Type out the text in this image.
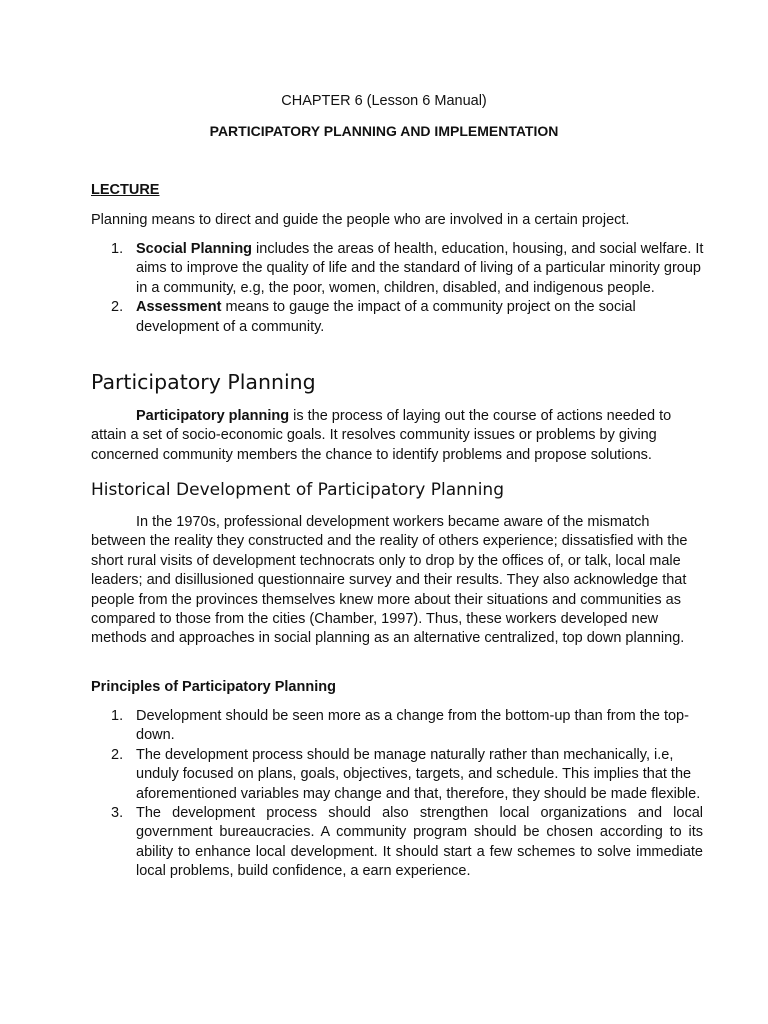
CHAPTER 6 (Lesson 6 Manual)
PARTICIPATORY PLANNING AND IMPLEMENTATION
LECTURE
Planning means to direct and guide the people who are involved in a certain project.
1. Scocial Planning includes the areas of health, education, housing, and social welfare. It aims to improve the quality of life and the standard of living of a particular minority group in a community, e.g, the poor, women, children, disabled, and indigenous people.
2. Assessment means to gauge the impact of a community project on the social development of a community.
Participatory Planning
Participatory planning is the process of laying out the course of actions needed to attain a set of socio-economic goals. It resolves community issues or problems by giving concerned community members the chance to identify problems and propose solutions.
Historical Development of Participatory Planning
In the 1970s, professional development workers became aware of the mismatch between the reality they constructed and the reality of others experience; dissatisfied with the short rural visits of development technocrats only to drop by the offices of, or talk, local male leaders; and disillusioned questionnaire survey and their results. They also acknowledge that people from the provinces themselves knew more about their situations and communities as compared to those from the cities (Chamber, 1997). Thus, these workers developed new methods and approaches in social planning as an alternative centralized, top down planning.
Principles of Participatory Planning
1. Development should be seen more as a change from the bottom-up than from the top-down.
2. The development process should be manage naturally rather than mechanically, i.e, unduly focused on plans, goals, objectives, targets, and schedule. This implies that the aforementioned variables may change and that, therefore, they should be made flexible.
3. The development process should also strengthen local organizations and local government bureaucracies. A community program should be chosen according to its ability to enhance local development. It should start a few schemes to solve immediate local problems, build confidence, a earn experience.
